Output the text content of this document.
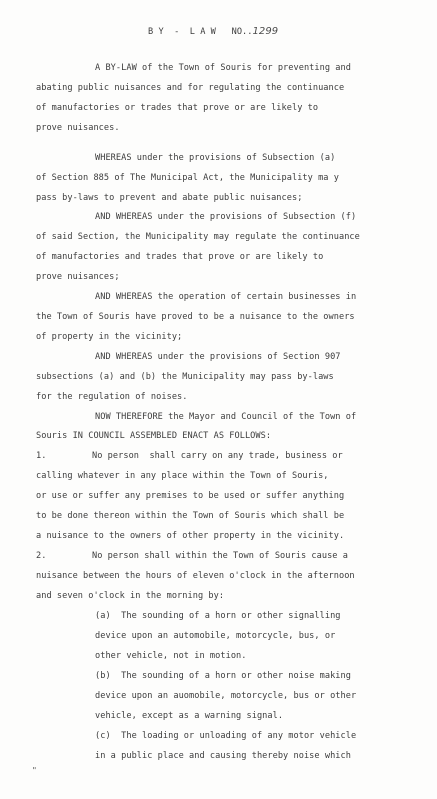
B Y  -  L A W NO..1299
A BY-LAW of the Town of Souris for preventing and
abating public nuisances and for regulating the continuance
of manufactories or trades that prove or are likely to
prove nuisances.
WHEREAS under the provisions of Subsection (a)
of Section 885 of The Municipal Act, the Municipality ma y
pass by-laws to prevent and abate public nuisances;
AND WHEREAS under the provisions of Subsection (f)
of said Section, the Municipality may regulate the continuance
of manufactories and trades that prove or are likely to
prove nuisances;
AND WHEREAS the operation of certain businesses in
the Town of Souris have proved to be a nuisance to the owners
of property in the vicinity;
AND WHEREAS under the provisions of Section 907
subsections (a) and (b) the Municipality may pass by-laws
for the regulation of noises.
NOW THEREFORE the Mayor and Council of the Town of
Souris IN COUNCIL ASSEMBLED ENACT AS FOLLOWS:
1.	No person  shall carry on any trade, business or
calling whatever in any place within the Town of Souris,
or use or suffer any premises to be used or suffer anything
to be done thereon within the Town of Souris which shall be
a nuisance to the owners of other property in the vicinity.
2.	No person shall within the Town of Souris cause a
nuisance between the hours of eleven o'clock in the afternoon
and seven o'clock in the morning by:
(a)  The sounding of a horn or other signalling
device upon an automobile, motorcycle, bus, or
other vehicle, not in motion.
(b)  The sounding of a horn or other noise making
device upon an auomobile, motorcycle, bus or other
vehicle, except as a warning signal.
(c)  The loading or unloading of any motor vehicle
in a public place and causing thereby noise which
"
